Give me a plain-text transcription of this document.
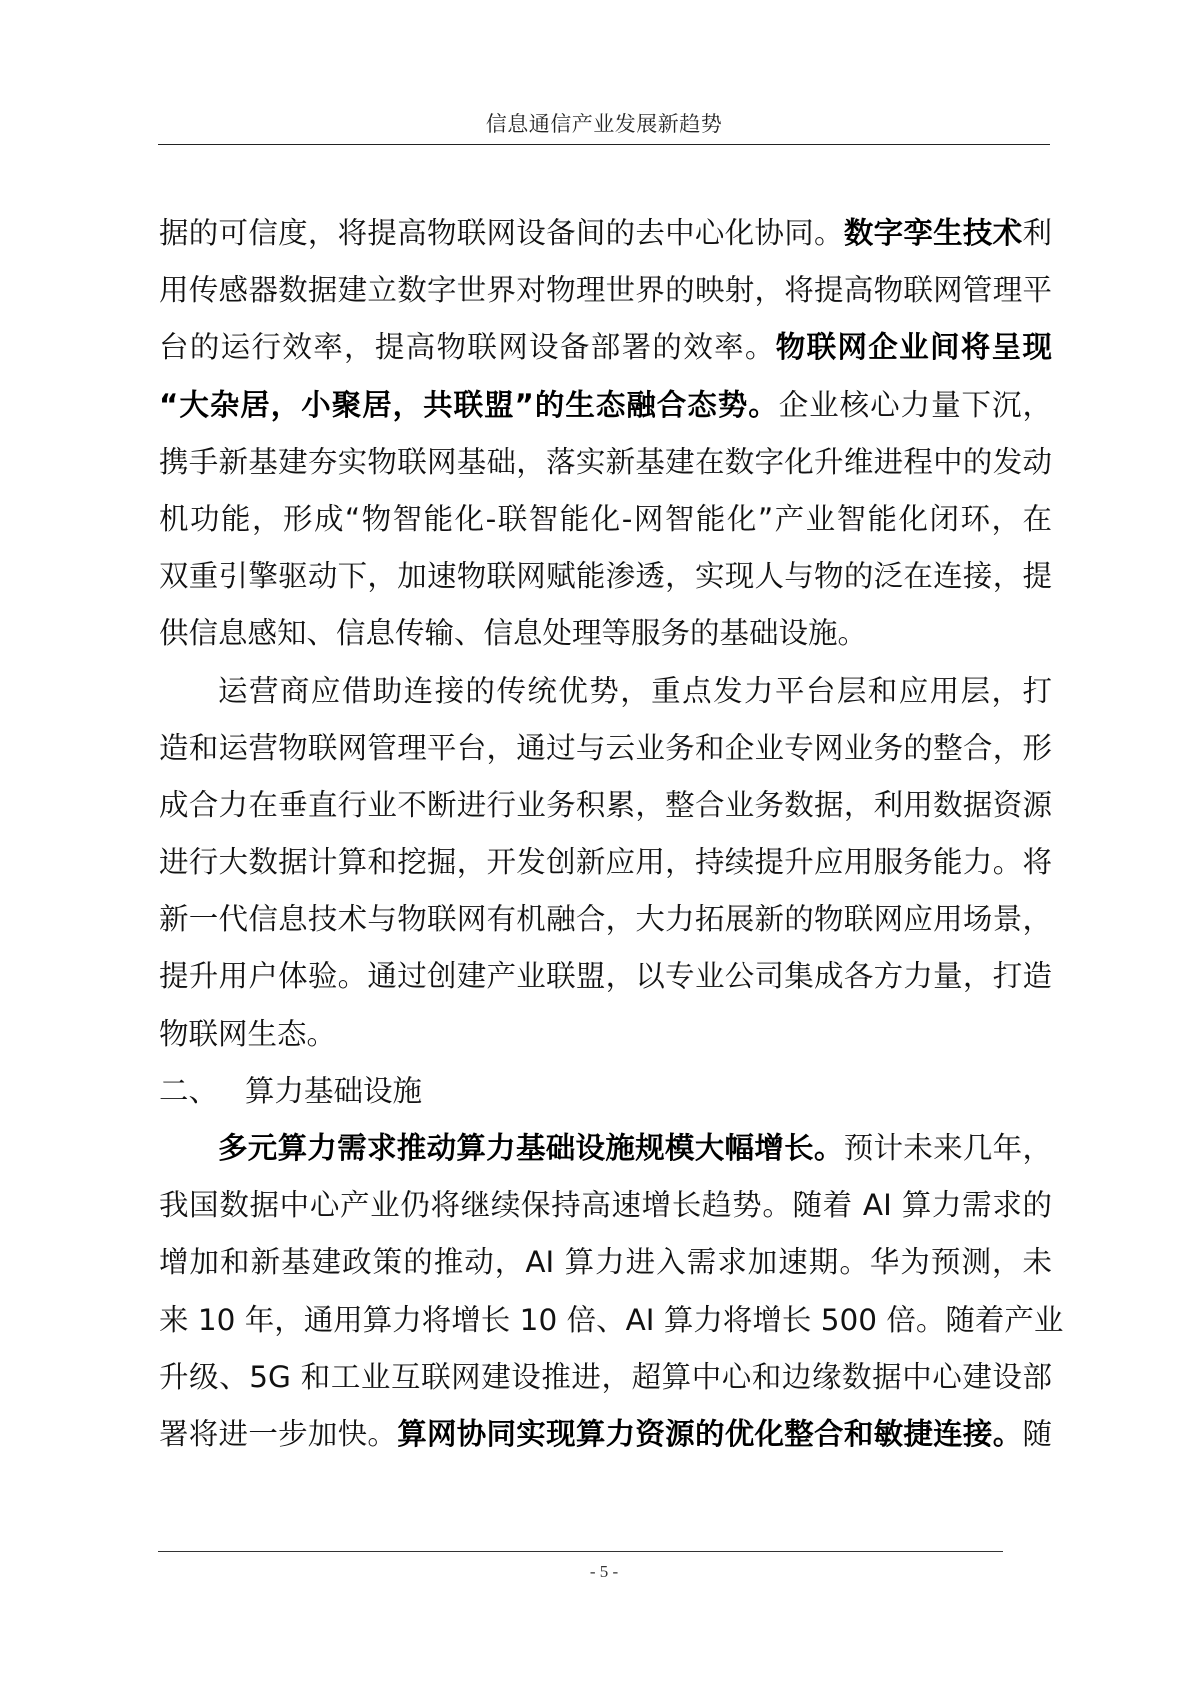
信息通信产业发展新趋势
据的可信度，将提高物联网设备间的去中心化协同。数字孪生技术利
用传感器数据建立数字世界对物理世界的映射，将提高物联网管理平
台的运行效率，提高物联网设备部署的效率。物联网企业间将呈现
“大杂居，小聚居，共联盟”的生态融合态势。企业核心力量下沉，
携手新基建夯实物联网基础，落实新基建在数字化升维进程中的发动
机功能，形成“物智能化-联智能化-网智能化”产业智能化闭环，在
双重引擎驱动下，加速物联网赋能渗透，实现人与物的泛在连接，提
供信息感知、信息传输、信息处理等服务的基础设施。
运营商应借助连接的传统优势，重点发力平台层和应用层，打
造和运营物联网管理平台，通过与云业务和企业专网业务的整合，形
成合力在垂直行业不断进行业务积累，整合业务数据，利用数据资源
进行大数据计算和挖掘，开发创新应用，持续提升应用服务能力。将
新一代信息技术与物联网有机融合，大力拓展新的物联网应用场景，
提升用户体验。通过创建产业联盟，以专业公司集成各方力量，打造
物联网生态。
二、 算力基础设施
多元算力需求推动算力基础设施规模大幅增长。预计未来几年，
我国数据中心产业仍将继续保持高速增长趋势。随着 AI 算力需求的
增加和新基建政策的推动，AI 算力进入需求加速期。华为预测，未
来 10 年，通用算力将增长 10 倍、AI 算力将增长 500 倍。随着产业
升级、5G 和工业互联网建设推进，超算中心和边缘数据中心建设部
署将进一步加快。算网协同实现算力资源的优化整合和敏捷连接。随
- 5 -
